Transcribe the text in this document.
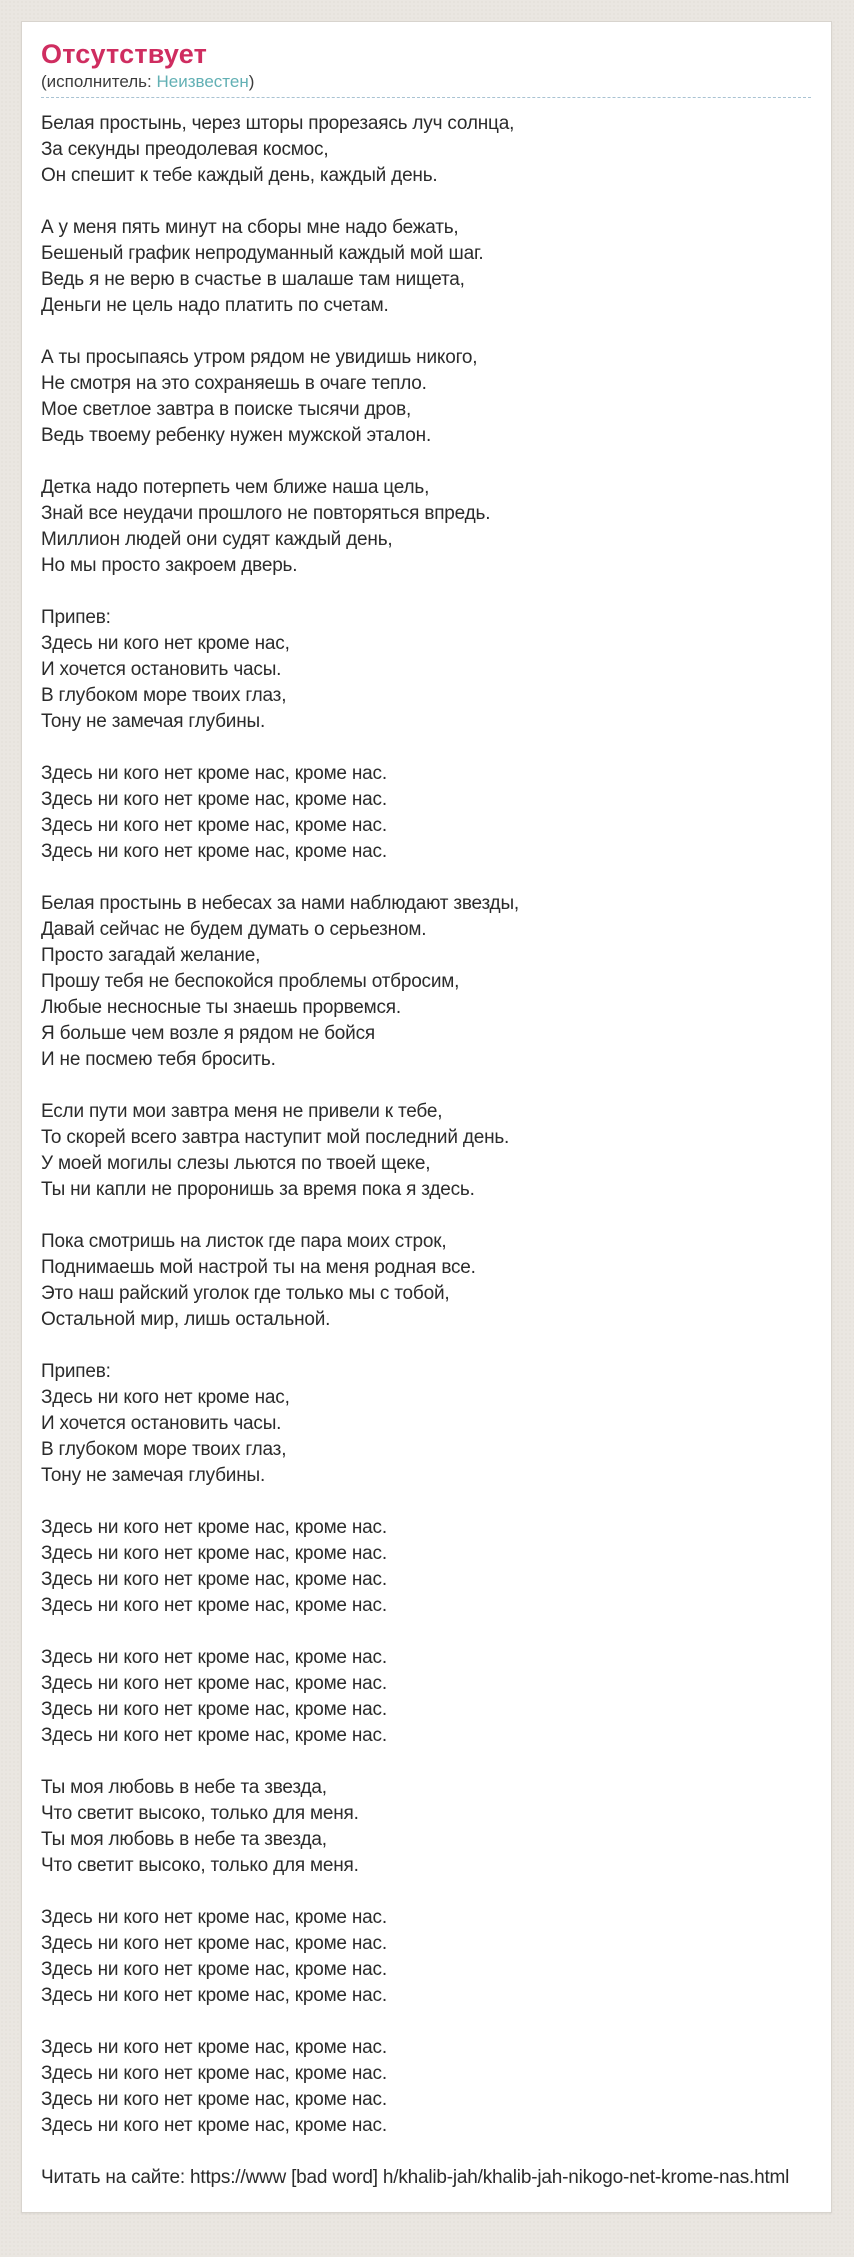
Отсутствует

(исполнитель: Неизвестен)

Белая простынь, через шторы прорезаясь луч солнца,
За секунды преодолевая космос,
Он спешит к тебе каждый день, каждый день.

А у меня пять минут на сборы мне надо бежать,
Бешеный график непродуманный каждый мой шаг.
Ведь я не верю в счастье в шалаше там нищета,
Деньги не цель надо платить по счетам.

А ты просыпаясь утром рядом не увидишь никого,
Не смотря на это сохраняешь в очаге тепло.
Мое светлое завтра в поиске тысячи дров,
Ведь твоему ребенку нужен мужской эталон.

Детка надо потерпеть чем ближе наша цель,
Знай все неудачи прошлого не повторяться впредь.
Миллион людей они судят каждый день,
Но мы просто закроем дверь.

Припев:
Здесь ни кого нет кроме нас,
И хочется остановить часы.
В глубоком море твоих глаз,
Тону не замечая глубины.

Здесь ни кого нет кроме нас, кроме нас.
Здесь ни кого нет кроме нас, кроме нас.
Здесь ни кого нет кроме нас, кроме нас.
Здесь ни кого нет кроме нас, кроме нас.

Белая простынь в небесах за нами наблюдают звезды,
Давай сейчас не будем думать о серьезном.
Просто загадай желание,
Прошу тебя не беспокойся проблемы отбросим,
Любые несносные ты знаешь прорвемся.
Я больше чем возле я рядом не бойся
И не посмею тебя бросить.

Если пути мои завтра меня не привели к тебе,
То скорей всего завтра наступит мой последний день.
У моей могилы слезы льются по твоей щеке,
Ты ни капли не проронишь за время пока я здесь.

Пока смотришь на листок где пара моих строк,
Поднимаешь мой настрой ты на меня родная все.
Это наш райский уголок где только мы с тобой,
Остальной мир, лишь остальной.

Припев:
Здесь ни кого нет кроме нас,
И хочется остановить часы.
В глубоком море твоих глаз,
Тону не замечая глубины.

Здесь ни кого нет кроме нас, кроме нас.
Здесь ни кого нет кроме нас, кроме нас.
Здесь ни кого нет кроме нас, кроме нас.
Здесь ни кого нет кроме нас, кроме нас.

Здесь ни кого нет кроме нас, кроме нас.
Здесь ни кого нет кроме нас, кроме нас.
Здесь ни кого нет кроме нас, кроме нас.
Здесь ни кого нет кроме нас, кроме нас.

Ты моя любовь в небе та звезда,
Что светит высоко, только для меня.
Ты моя любовь в небе та звезда,
Что светит высоко, только для меня.

Здесь ни кого нет кроме нас, кроме нас.
Здесь ни кого нет кроме нас, кроме нас.
Здесь ни кого нет кроме нас, кроме нас.
Здесь ни кого нет кроме нас, кроме нас.

Здесь ни кого нет кроме нас, кроме нас.
Здесь ни кого нет кроме нас, кроме нас.
Здесь ни кого нет кроме нас, кроме нас.
Здесь ни кого нет кроме нас, кроме нас.

Читать на сайте: https://www [bad word] h/khalib-jah/khalib-jah-nikogo-net-krome-nas.html
